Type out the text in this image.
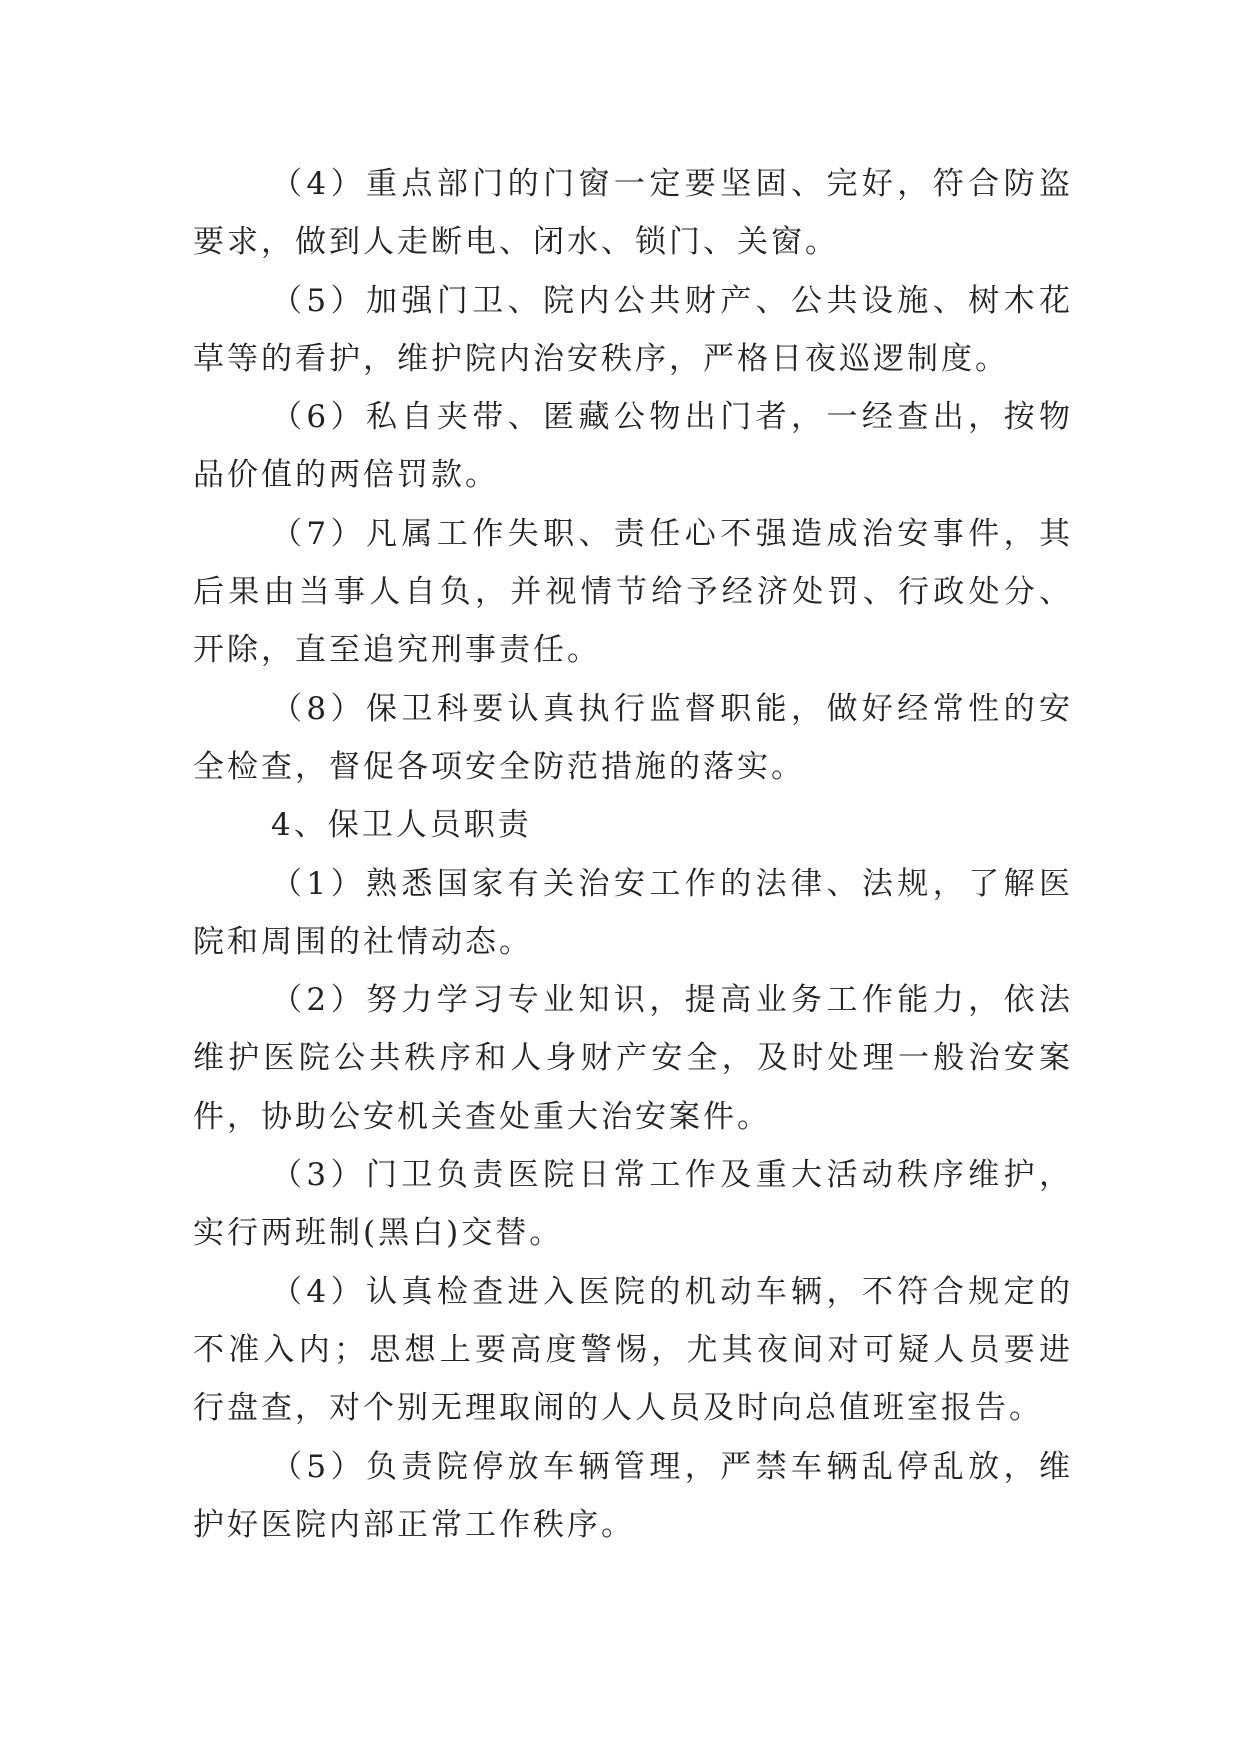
（4）重点部门的门窗一定要坚固、完好，符合防盗要求，做到人走断电、闭水、锁门、关窗。

（5）加强门卫、院内公共财产、公共设施、树木花草等的看护，维护院内治安秩序，严格日夜巡逻制度。

（6）私自夹带、匿藏公物出门者，一经查出，按物品价值的两倍罚款。

（7）凡属工作失职、责任心不强造成治安事件，其后果由当事人自负，并视情节给予经济处罚、行政处分、开除，直至追究刑事责任。

（8）保卫科要认真执行监督职能，做好经常性的安全检查，督促各项安全防范措施的落实。

4、保卫人员职责

（1）熟悉国家有关治安工作的法律、法规，了解医院和周围的社情动态。

（2）努力学习专业知识，提高业务工作能力，依法维护医院公共秩序和人身财产安全，及时处理一般治安案件，协助公安机关查处重大治安案件。

（3）门卫负责医院日常工作及重大活动秩序维护，实行两班制(黑白)交替。

（4）认真检查进入医院的机动车辆，不符合规定的不准入内；思想上要高度警惕，尤其夜间对可疑人员要进行盘查，对个别无理取闹的人人员及时向总值班室报告。

（5）负责院停放车辆管理，严禁车辆乱停乱放，维护好医院内部正常工作秩序。
